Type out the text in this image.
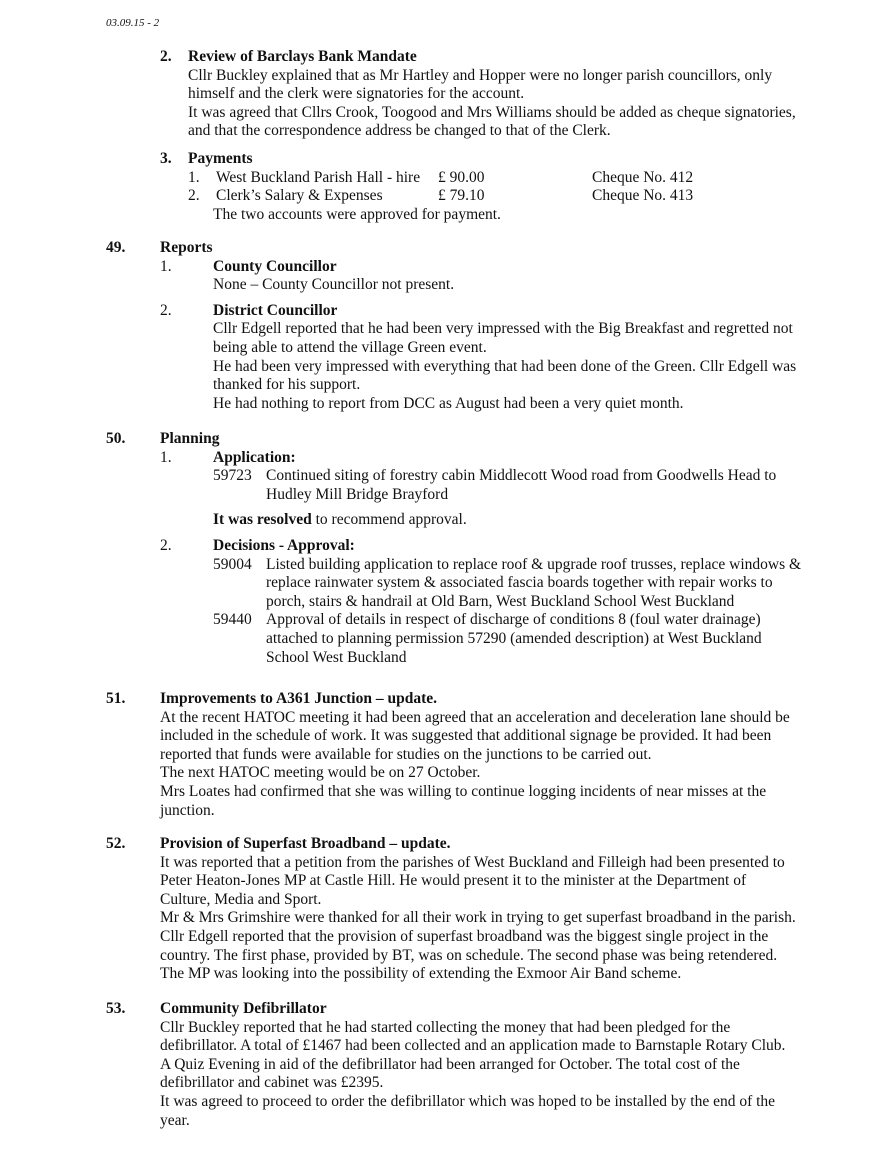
03.09.15 - 2
2. Review of Barclays Bank Mandate

Cllr Buckley explained that as Mr Hartley and Hopper were no longer parish councillors, only

himself and the clerk were signatories for the account.

It was agreed that Cllrs Crook, Toogood and Mrs Williams should be added as cheque signatories,

and that the correspondence address be changed to that of the Clerk.

3. Payments
1.	West Buckland Parish Hall - hire	£ 90.00	Cheque No. 412
2.	Clerk’s Salary & Expenses	£ 79.10	Cheque No. 413

The two accounts were approved for payment.

49. Reports
1.	County Councillor

None – County Councillor not present.

2.	District Councillor

Cllr Edgell reported that he had been very impressed with the Big Breakfast and regretted not

being able to attend the village Green event.

He had been very impressed with everything that had been done of the Green. Cllr Edgell was

thanked for his support.

He had nothing to report from DCC as August had been a very quiet month.

50. Planning
1.	Application:
59723 Continued siting of forestry cabin Middlecott Wood road from Goodwells Head to
Hudley Mill Bridge Brayford

It was resolved to recommend approval.

2.	Decisions - Approval:
59004 Listed building application to replace roof & upgrade roof trusses, replace windows &
replace rainwater system & associated fascia boards together with repair works to
porch, stairs & handrail at Old Barn, West Buckland School West Buckland
59440 Approval of details in respect of discharge of conditions 8 (foul water drainage)
attached to planning permission 57290 (amended description) at West Buckland
School West Buckland
51. Improvements to A361 Junction – update.

At the recent HATOC meeting it had been agreed that an acceleration and deceleration lane should be

included in the schedule of work. It was suggested that additional signage be provided. It had been

reported that funds were available for studies on the junctions to be carried out.

The next HATOC meeting would be on 27 October.

Mrs Loates had confirmed that she was willing to continue logging incidents of near misses at the

junction.

52. Provision of Superfast Broadband – update.

It was reported that a petition from the parishes of West Buckland and Filleigh had been presented to

Peter Heaton-Jones MP at Castle Hill. He would present it to the minister at the Department of

Culture, Media and Sport.

Mr & Mrs Grimshire were thanked for all their work in trying to get superfast broadband in the parish.

Cllr Edgell reported that the provision of superfast broadband was the biggest single project in the

country. The first phase, provided by BT, was on schedule. The second phase was being retendered.

The MP was looking into the possibility of extending the Exmoor Air Band scheme.

53. Community Defibrillator

Cllr Buckley reported that he had started collecting the money that had been pledged for the

defibrillator. A total of £1467 had been collected and an application made to Barnstaple Rotary Club.

A Quiz Evening in aid of the defibrillator had been arranged for October. The total cost of the

defibrillator and cabinet was £2395.

It was agreed to proceed to order the defibrillator which was hoped to be installed by the end of the

year.
